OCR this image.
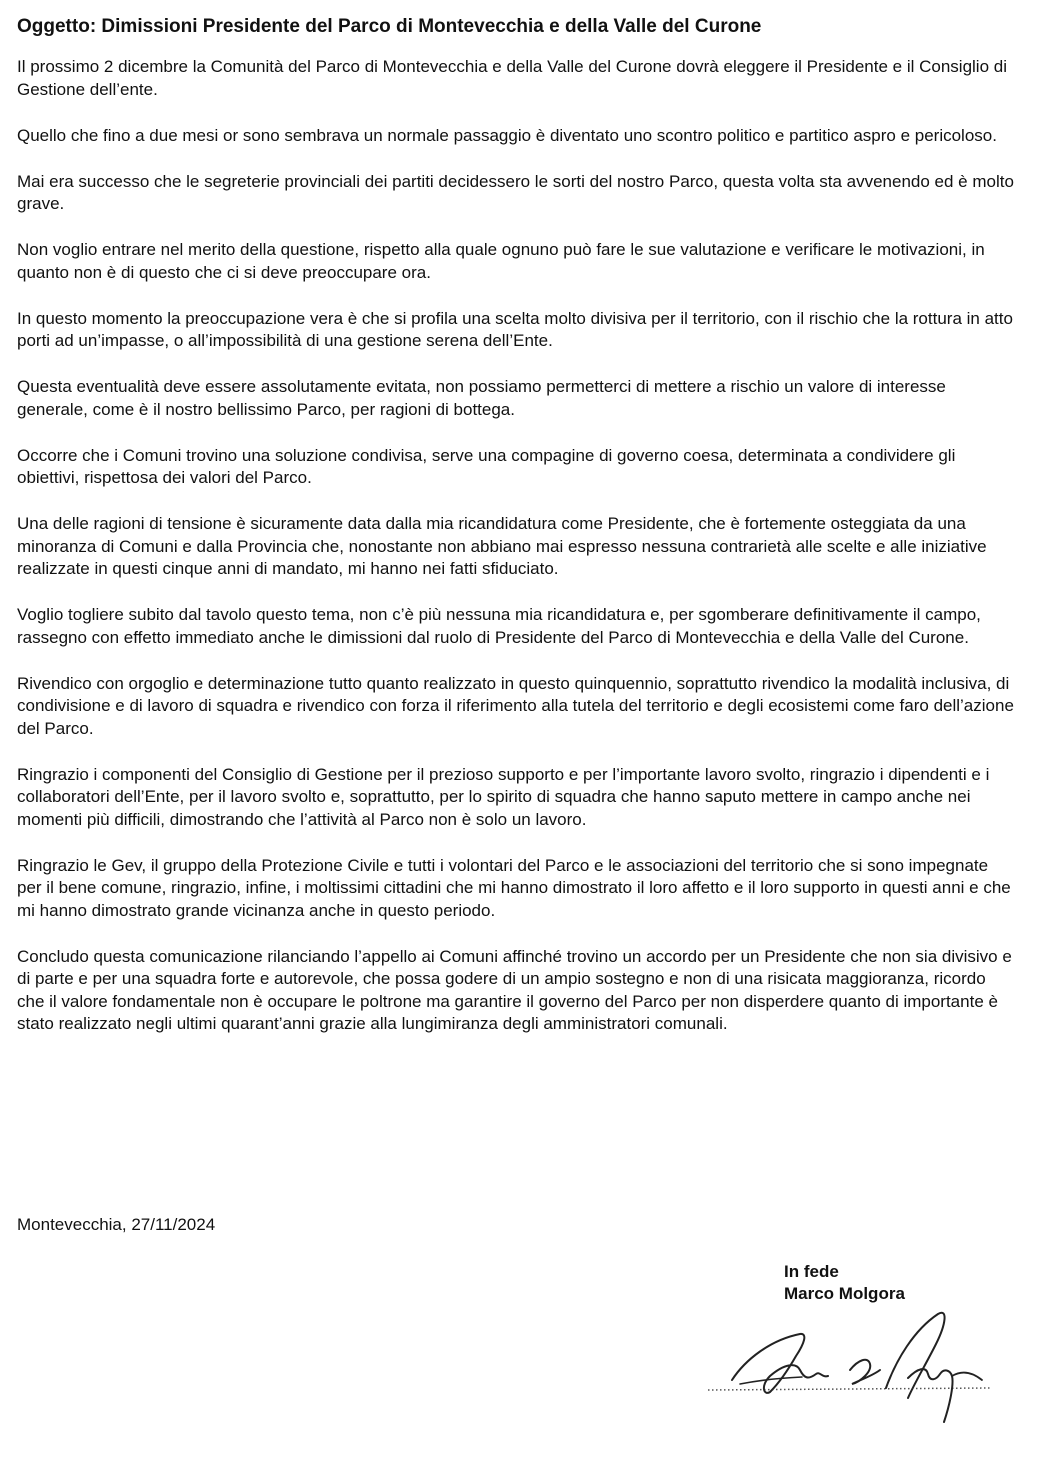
Oggetto: Dimissioni Presidente del Parco di Montevecchia e della Valle del Curone

Il prossimo 2 dicembre la Comunità del Parco di Montevecchia e della Valle del Curone dovrà eleggere il Presidente e il Consiglio di Gestione dell’ente.

Quello che fino a due mesi or sono sembrava un normale passaggio è diventato uno scontro politico e partitico aspro e pericoloso.

Mai era successo che le segreterie provinciali dei partiti decidessero le sorti del nostro Parco, questa volta sta avvenendo ed è molto grave.

Non voglio entrare nel merito della questione, rispetto alla quale ognuno può fare le sue valutazione e verificare le motivazioni, in quanto non è di questo che ci si deve preoccupare ora.

In questo momento la preoccupazione vera è che si profila una scelta molto divisiva per il territorio, con il rischio che la rottura in atto porti ad un’impasse, o all’impossibilità di una gestione serena dell’Ente.

Questa eventualità deve essere assolutamente evitata, non possiamo permetterci di mettere a rischio un valore di interesse generale, come è il nostro bellissimo Parco, per ragioni di bottega.

Occorre che i Comuni trovino una soluzione condivisa, serve una compagine di governo coesa, determinata a condividere gli obiettivi, rispettosa dei valori del Parco.

Una delle ragioni di tensione è sicuramente data dalla mia ricandidatura come Presidente, che è fortemente osteggiata da una minoranza di Comuni e dalla Provincia che, nonostante non abbiano mai espresso nessuna contrarietà alle scelte e alle iniziative realizzate in questi cinque anni di mandato, mi hanno nei fatti sfiduciato.

Voglio togliere subito dal tavolo questo tema, non c’è più nessuna mia ricandidatura e, per sgomberare definitivamente il campo, rassegno con effetto immediato anche le dimissioni dal ruolo di Presidente del Parco di Montevecchia e della Valle del Curone.

Rivendico con orgoglio e determinazione tutto quanto realizzato in questo quinquennio, soprattutto rivendico la modalità inclusiva, di condivisione e di lavoro di squadra e rivendico con forza il riferimento alla tutela del territorio e degli ecosistemi come faro dell’azione del Parco.

Ringrazio i componenti del Consiglio di Gestione per il prezioso supporto e per l’importante lavoro svolto, ringrazio i dipendenti e i collaboratori dell’Ente, per il lavoro svolto e, soprattutto, per lo spirito di squadra che hanno saputo mettere in campo anche nei momenti più difficili, dimostrando che l’attività al Parco non è solo un lavoro.

Ringrazio le Gev, il gruppo della Protezione Civile e tutti i volontari del Parco e le associazioni del territorio che si sono impegnate per il bene comune, ringrazio, infine, i moltissimi cittadini che mi hanno dimostrato il loro affetto e il loro supporto in questi anni e che mi hanno dimostrato grande vicinanza anche in questo periodo.

Concludo questa comunicazione rilanciando l’appello ai Comuni affinché trovino un accordo per un Presidente che non sia divisivo e di parte e per una squadra forte e autorevole, che possa godere di un ampio sostegno e non di una risicata maggioranza, ricordo che il valore fondamentale non è occupare le poltrone ma garantire il governo del Parco per non disperdere quanto di importante è stato realizzato negli ultimi quarant’anni grazie alla lungimiranza degli amministratori comunali.

Montevecchia, 27/11/2024
In fede
Marco Molgora
